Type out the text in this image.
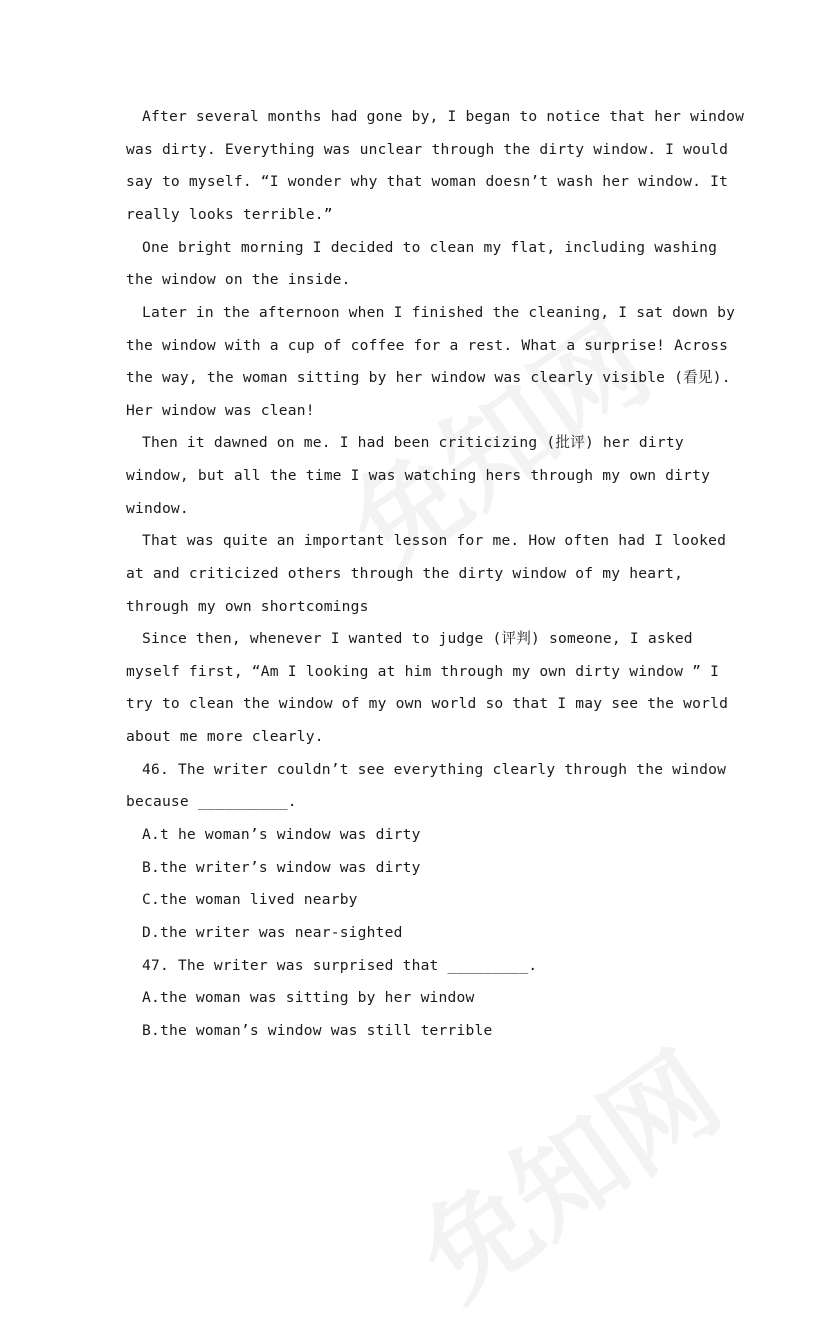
After several months had gone by, I began to notice that her window
was dirty. Everything was unclear through the dirty window. I would
say to myself. “I wonder why that woman doesn’t wash her window. It
really looks terrible.”
One bright morning I decided to clean my flat, including washing
the window on the inside.
Later in the afternoon when I finished the cleaning, I sat down by
the window with a cup of coffee for a rest. What a surprise! Across
the way, the woman sitting by her window was clearly visible (看见).
Her window was clean!
Then it dawned on me. I had been criticizing (批评) her dirty
window, but all the time I was watching hers through my own dirty
window.
That was quite an important lesson for me. How often had I looked
at and criticized others through the dirty window of my heart,
through my own shortcomings
Since then, whenever I wanted to judge (评判) someone, I asked
myself first, “Am I looking at him through my own dirty window ” I
try to clean the window of my own world so that I may see the world
about me more clearly.
46. The writer couldn’t see everything clearly through the window
because __________.
A.t he woman’s window was dirty
B.the writer’s window was dirty
C.the woman lived nearby
D.the writer was near-sighted
47. The writer was surprised that _________.
A.the woman was sitting by her window
B.the woman’s window was still terrible
